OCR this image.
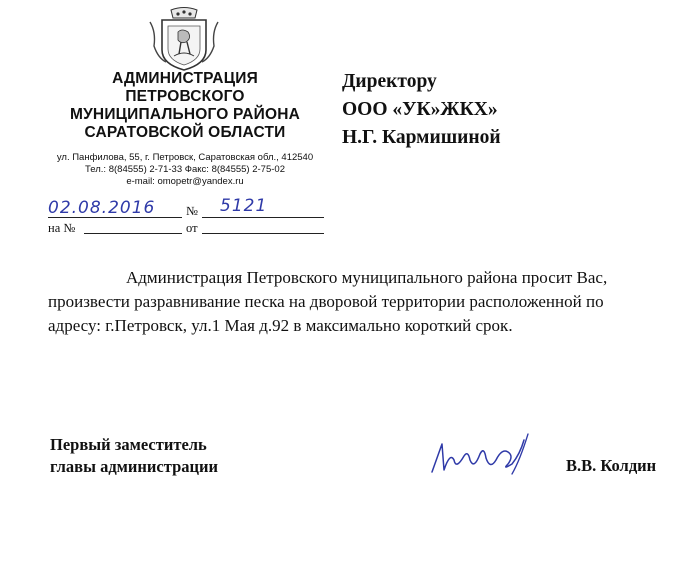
АДМИНИСТРАЦИЯ
ПЕТРОВСКОГО
МУНИЦИПАЛЬНОГО РАЙОНА
САРАТОВСКОЙ ОБЛАСТИ
ул. Панфилова, 55, г. Петровск, Саратовская обл., 412540
Тел.: 8(84555) 2-71-33 Факс: 8(84555) 2-75-02
e-mail: omopetr@yandex.ru
Директору
ООО «УК»ЖКХ»
Н.Г. Кармишиной
02.08.2016 № 5121
на №	от
Администрация Петровского муниципального района просит Вас,
произвести разравнивание песка на дворовой территории расположенной по
адресу: г.Петровск, ул.1 Мая д.92 в максимально короткий срок.
Первый заместитель
главы администрации	В.В. Колдин
